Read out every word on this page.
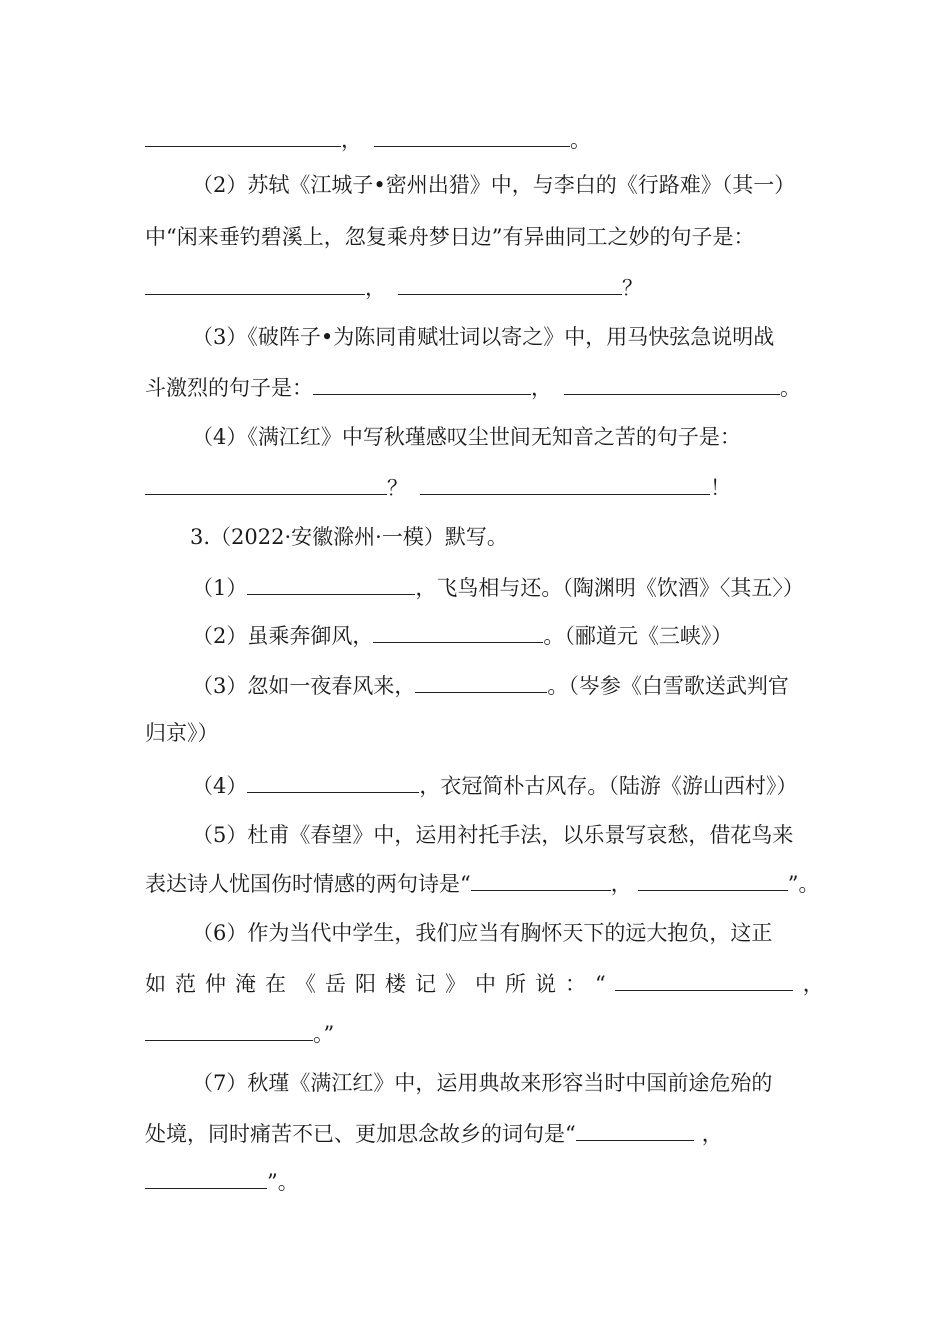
，	。
（2）苏轼《江城子•密州出猎》中，与李白的《行路难》（其一）
中“闲来垂钓碧溪上，忽复乘舟梦日边”有异曲同工之妙的句子是：
，	？
（3）《破阵子•为陈同甫赋壮词以寄之》中，用马快弦急说明战
斗激烈的句子是：	，	。
（4）《满江红》中写秋瑾感叹尘世间无知音之苦的句子是：
？	！
3.（2022·安徽滁州·一模）默写。
（1）	，飞鸟相与还。（陶渊明《饮酒》〈其五〉）
（2）虽乘奔御风，	。（郦道元《三峡》）
（3）忽如一夜春风来，	。（岑参《白雪歌送武判官
归京》）
（4）	，衣冠简朴古风存。（陆游《游山西村》）
（5）杜甫《春望》中，运用衬托手法，以乐景写哀愁，借花鸟来
表达诗人忧国伤时情感的两句诗是“	，	”。
（6）作为当代中学生，我们应当有胸怀天下的远大抱负，这正
如范仲淹在《岳阳楼记》中所说：“	，
。”
（7）秋瑾《满江红》中，运用典故来形容当时中国前途危殆的
处境，同时痛苦不已、更加思念故乡的词句是“	，
”。
